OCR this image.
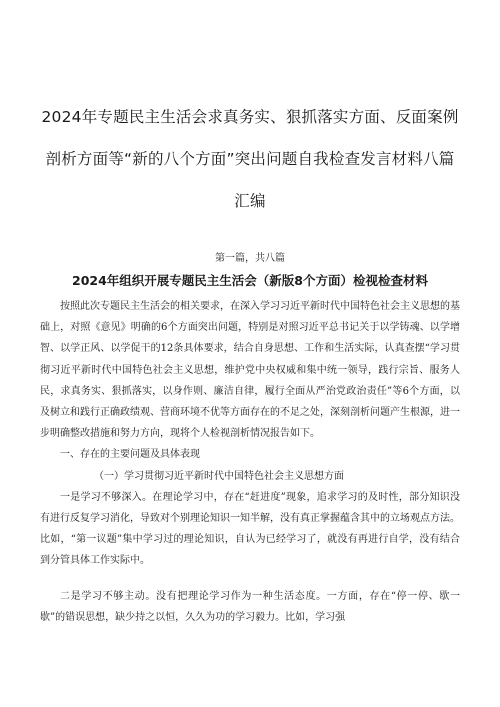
2024年专题民主生活会求真务实、狠抓落实方面、反面案例剖析方面等“新的八个方面”突出问题自我检查发言材料八篇汇编

第一篇，共八篇

2024年组织开展专题民主生活会（新版8个方面）检视检查材料

按照此次专题民主生活会的相关要求，在深入学习习近平新时代中国特色社会主义思想的基础上，对照《意见》明确的6个方面突出问题，特别是对照习近平总书记关于以学铸魂、以学增智、以学正风、以学促干的12条具体要求，结合自身思想、工作和生活实际，认真查摆“学习贯彻习近平新时代中国特色社会主义思想，维护党中央权威和集中统一领导，践行宗旨、服务人民，求真务实、狠抓落实，以身作则、廉洁自律，履行全面从严治党政治责任”等6个方面，以及树立和践行正确政绩观、营商环境不优等方面存在的不足之处，深刻剖析问题产生根源，进一步明确整改措施和努力方向，现将个人检视剖析情况报告如下。

一、存在的主要问题及具体表现

（一）学习贯彻习近平新时代中国特色社会主义思想方面

一是学习不够深入。在理论学习中，存在“赶进度”现象，追求学习的及时性，部分知识没有进行反复学习消化，导致对个别理论知识一知半解，没有真正掌握蕴含其中的立场观点方法。比如，“第一议题”集中学习过的理论知识，自认为已经学习了，就没有再进行自学，没有结合到分管具体工作实际中。

二是学习不够主动。没有把理论学习作为一种生活态度。一方面，存在“停一停、歇一歇”的错误思想，缺少持之以恒，久久为功的学习毅力。比如，学习强
